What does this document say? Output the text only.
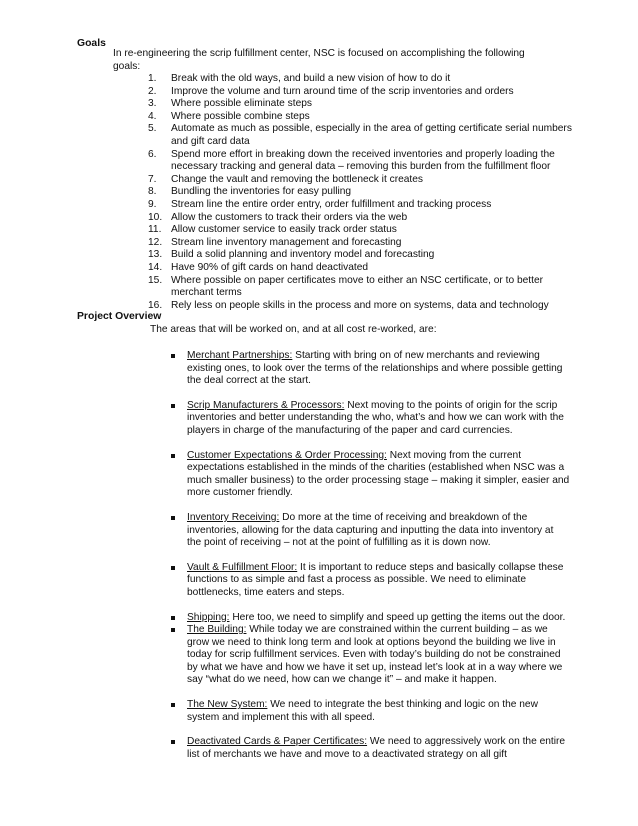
Goals

In re-engineering the scrip fulfillment center, NSC is focused on accomplishing the following goals:

1.	Break with the old ways, and build a new vision of how to do it
2.	Improve the volume and turn around time of the scrip inventories and orders
3.	Where possible eliminate steps
4.	Where possible combine steps
5.	Automate as much as possible, especially in the area of getting certificate serial numbers and gift card data
6.	Spend more effort in breaking down the received inventories and properly loading the necessary tracking and general data – removing this burden from the fulfillment floor
7.	Change the vault and removing the bottleneck it creates
8.	Bundling the inventories for easy pulling
9.	Stream line the entire order entry, order fulfillment and tracking process
10. Allow the customers to track their orders via the web
11. Allow customer service to easily track order status
12. Stream line inventory management and forecasting
13. Build a solid planning and inventory model and forecasting
14. Have 90% of gift cards on hand deactivated
15. Where possible on paper certificates move to either an NSC certificate, or to better merchant terms
16. Rely less on people skills in the process and more on systems, data and technology
Project Overview

The areas that will be worked on, and at all cost re-worked, are:

Merchant Partnerships: Starting with bring on of new merchants and reviewing existing ones, to look over the terms of the relationships and where possible getting the deal correct at the start.
Scrip Manufacturers & Processors: Next moving to the points of origin for the scrip inventories and better understanding the who, what’s and how we can work with the players in charge of the manufacturing of the paper and card currencies.
Customer Expectations & Order Processing: Next moving from the current expectations established in the minds of the charities (established when NSC was a much smaller business) to the order processing stage – making it simpler, easier and more customer friendly.
Inventory Receiving: Do more at the time of receiving and breakdown of the inventories, allowing for the data capturing and inputting the data into inventory at the point of receiving – not at the point of fulfilling as it is down now.
Vault & Fulfillment Floor: It is important to reduce steps and basically collapse these functions to as simple and fast a process as possible. We need to eliminate bottlenecks, time eaters and steps.
Shipping: Here too, we need to simplify and speed up getting the items out the door.
The Building: While today we are constrained within the current building – as we grow we need to think long term and look at options beyond the building we live in today for scrip fulfillment services. Even with today’s building do not be constrained by what we have and how we have it set up, instead let’s look at in a way where we say “what do we need, how can we change it” – and make it happen.
The New System: We need to integrate the best thinking and logic on the new system and implement this with all speed.
Deactivated Cards & Paper Certificates: We need to aggressively work on the entire list of merchants we have and move to a deactivated strategy on all gift
